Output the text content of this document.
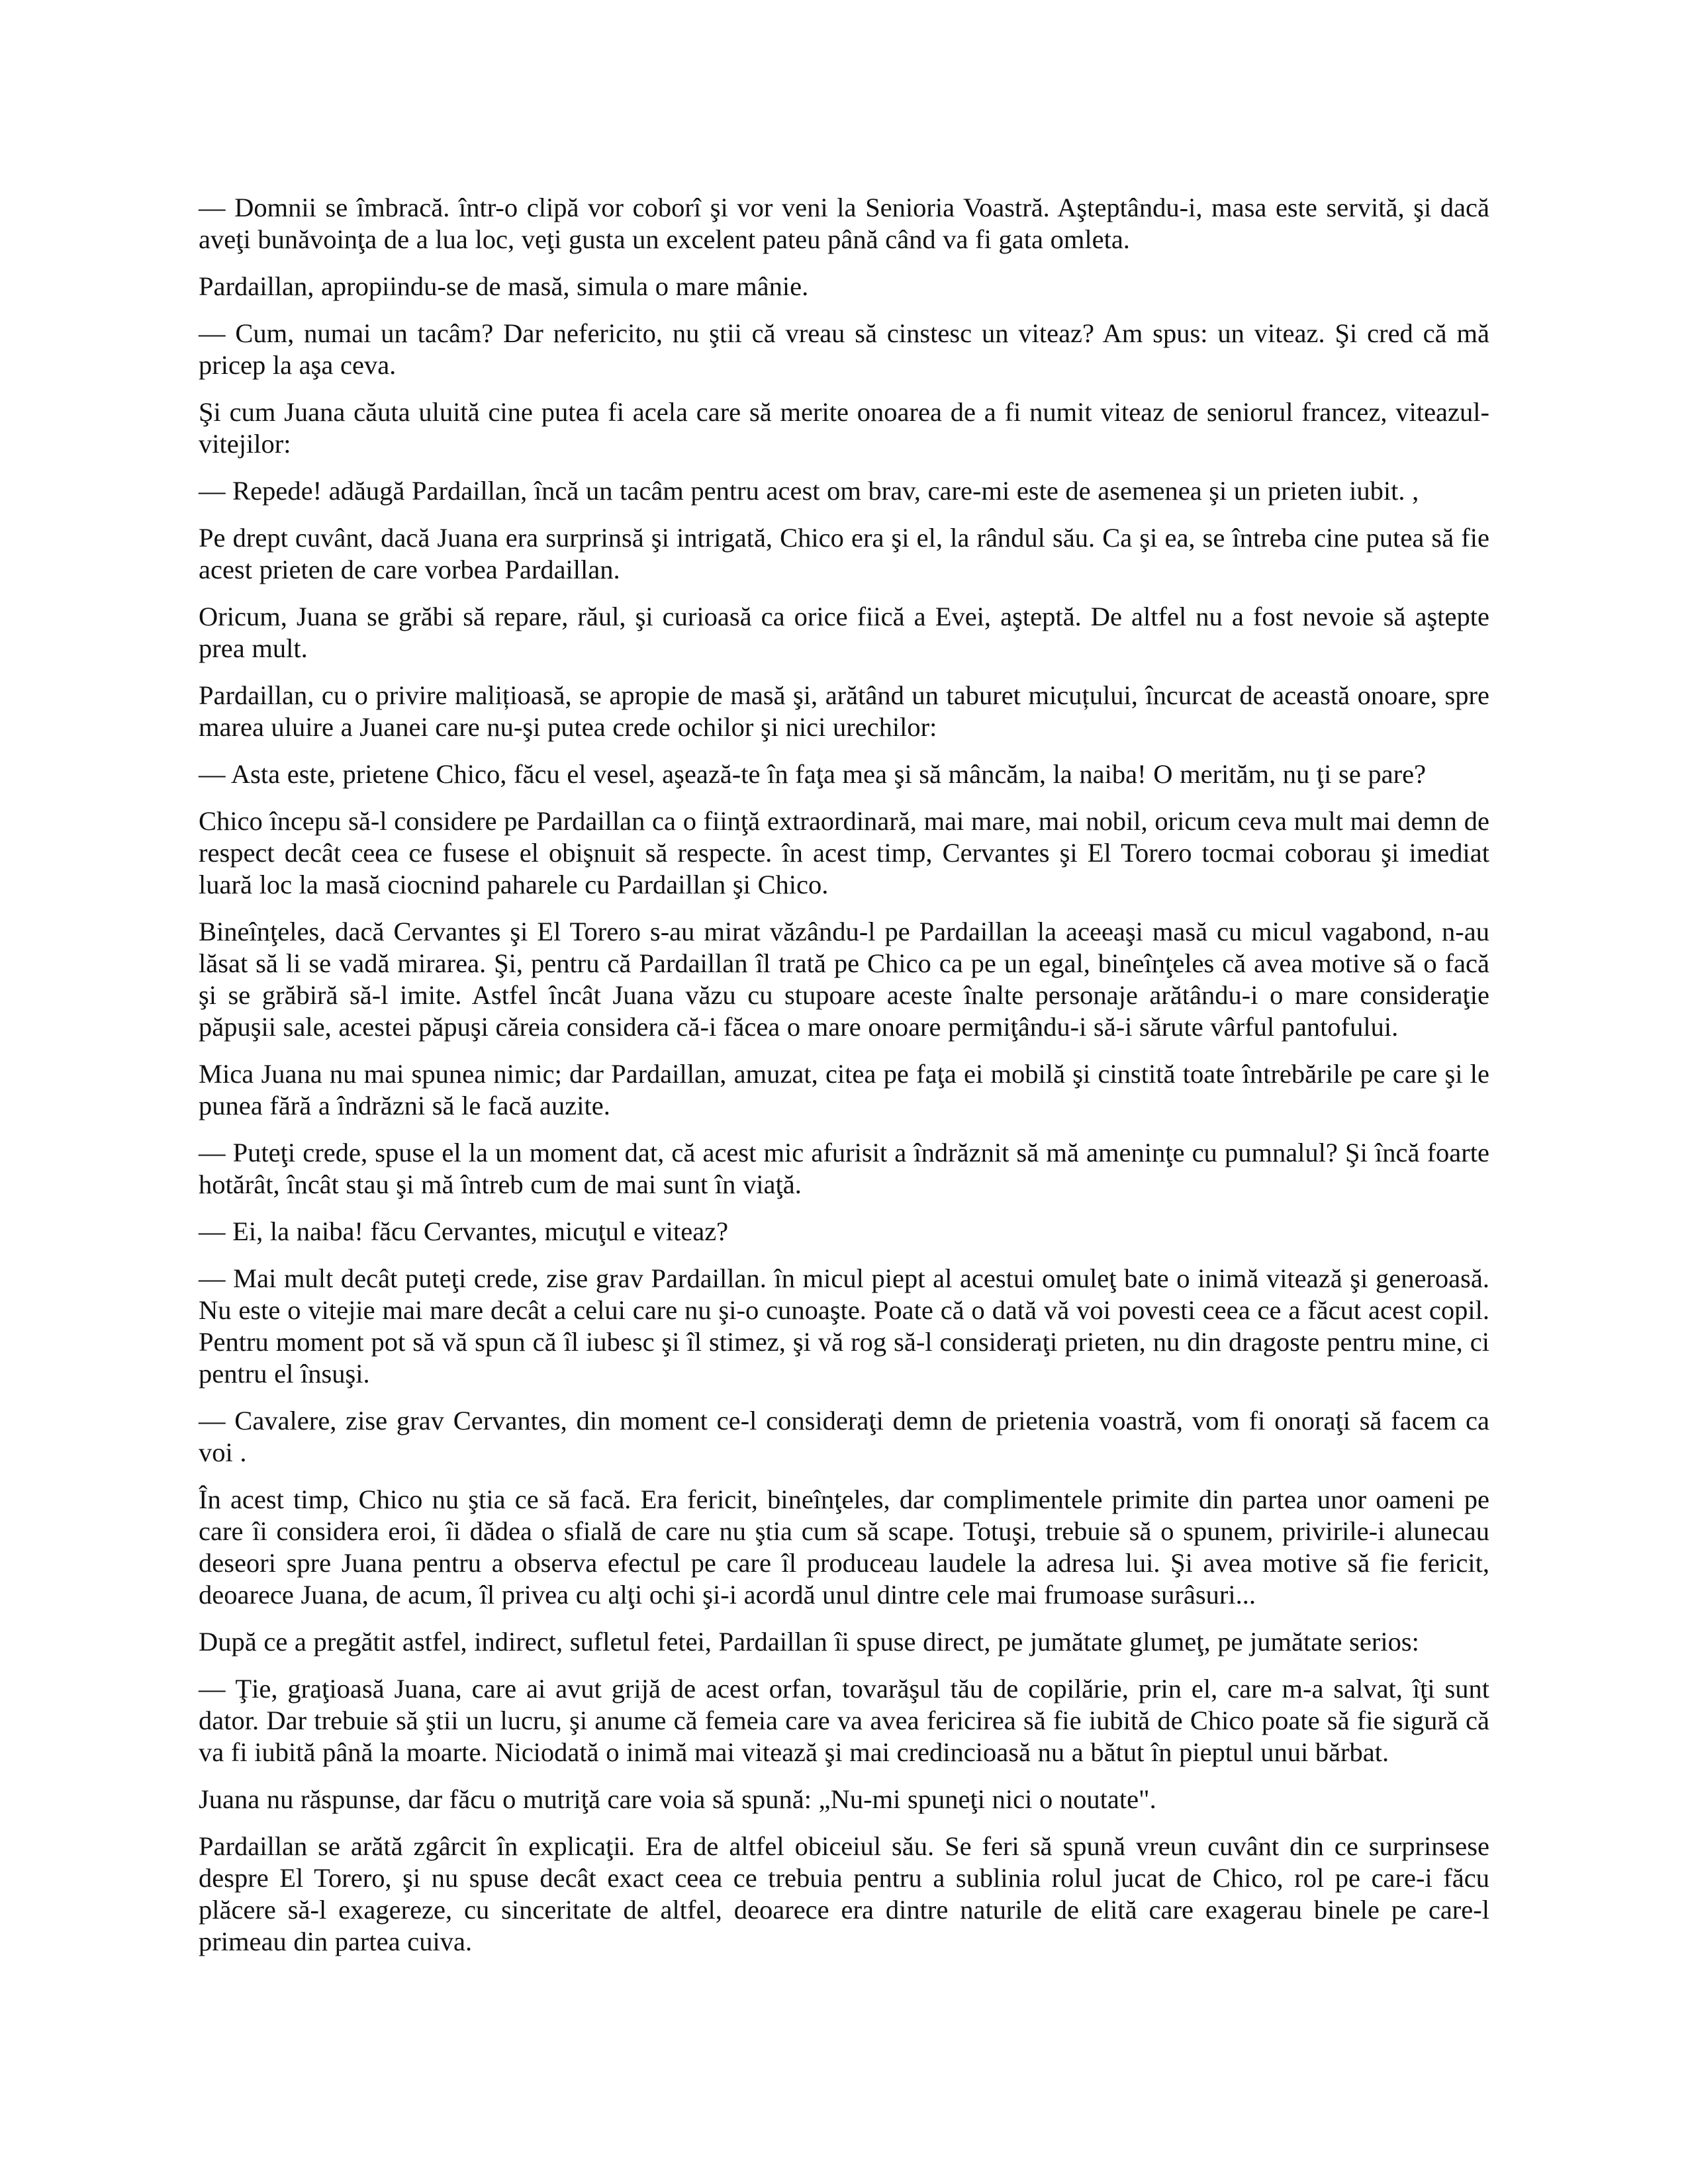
— Domnii se îmbracă. într-o clipă vor coborî şi vor veni la Senioria Voastră. Aşteptându-i, masa este servită, şi dacă aveţi bunăvoinţa de a lua loc, veţi gusta un excelent pateu până când va fi gata omleta.

Pardaillan, apropiindu-se de masă, simula o mare mânie.

— Cum, numai un tacâm? Dar nefericito, nu ştii că vreau să cinstesc un viteaz? Am spus: un viteaz. Şi cred că mă pricep la aşa ceva.

Şi cum Juana căuta uluită cine putea fi acela care să merite onoarea de a fi numit viteaz de seniorul francez, viteazul-vitejilor:

— Repede! adăugă Pardaillan, încă un tacâm pentru acest om brav, care-mi este de asemenea şi un prieten iubit. ,

Pe drept cuvânt, dacă Juana era surprinsă şi intrigată, Chico era şi el, la rândul său. Ca şi ea, se întreba cine putea să fie acest prieten de care vorbea Pardaillan.

Oricum, Juana se grăbi să repare, răul, şi curioasă ca orice fiică a Evei, aşteptă. De altfel nu a fost nevoie să aştepte prea mult.

Pardaillan, cu o privire malițioasă, se apropie de masă şi, arătând un taburet micuțului, încurcat de această onoare, spre marea uluire a Juanei care nu-şi putea crede ochilor şi nici urechilor:

— Asta este, prietene Chico, făcu el vesel, aşează-te în faţa mea şi să mâncăm, la naiba! O merităm, nu ţi se pare?

Chico începu să-l considere pe Pardaillan ca o fiinţă extraordinară, mai mare, mai nobil, oricum ceva mult mai demn de respect decât ceea ce fusese el obişnuit să respecte. în acest timp, Cervantes şi El Torero tocmai coborau şi imediat luară loc la masă ciocnind paharele cu Pardaillan şi Chico.

Bineînţeles, dacă Cervantes şi El Torero s-au mirat văzându-l pe Pardaillan la aceeaşi masă cu micul vagabond, n-au lăsat să li se vadă mirarea. Şi, pentru că Pardaillan îl trată pe Chico ca pe un egal, bineînţeles că avea motive să o facă şi se grăbiră să-l imite. Astfel încât Juana văzu cu stupoare aceste înalte personaje arătându-i o mare consideraţie păpuşii sale, acestei păpuşi căreia considera că-i făcea o mare onoare permiţându-i să-i sărute vârful pantofului.

Mica Juana nu mai spunea nimic; dar Pardaillan, amuzat, citea pe faţa ei mobilă şi cinstită toate întrebările pe care şi le punea fără a îndrăzni să le facă auzite.

— Puteţi crede, spuse el la un moment dat, că acest mic afurisit a îndrăznit să mă ameninţe cu pumnalul? Şi încă foarte hotărât, încât stau şi mă întreb cum de mai sunt în viaţă.

— Ei, la naiba! făcu Cervantes, micuţul e viteaz?

— Mai mult decât puteţi crede, zise grav Pardaillan. în micul piept al acestui omuleţ bate o inimă vitează şi generoasă. Nu este o vitejie mai mare decât a celui care nu şi-o cunoaşte. Poate că o dată vă voi povesti ceea ce a făcut acest copil. Pentru moment pot să vă spun că îl iubesc şi îl stimez, şi vă rog să-l consideraţi prieten, nu din dragoste pentru mine, ci pentru el însuşi.

— Cavalere, zise grav Cervantes, din moment ce-l consideraţi demn de prietenia voastră, vom fi onoraţi să facem ca voi .

În acest timp, Chico nu ştia ce să facă. Era fericit, bineînţeles, dar complimentele primite din partea unor oameni pe care îi considera eroi, îi dădea o sfială de care nu ştia cum să scape. Totuşi, trebuie să o spunem, privirile-i alunecau deseori spre Juana pentru a observa efectul pe care îl produceau laudele la adresa lui. Şi avea motive să fie fericit, deoarece Juana, de acum, îl privea cu alţi ochi şi-i acordă unul dintre cele mai frumoase surâsuri...

După ce a pregătit astfel, indirect, sufletul fetei, Pardaillan îi spuse direct, pe jumătate glumeţ, pe jumătate serios:

— Ţie, graţioasă Juana, care ai avut grijă de acest orfan, tovarăşul tău de copilărie, prin el, care m-a salvat, îţi sunt dator. Dar trebuie să ştii un lucru, şi anume că femeia care va avea fericirea să fie iubită de Chico poate să fie sigură că va fi iubită până la moarte. Niciodată o inimă mai vitează şi mai credincioasă nu a bătut în pieptul unui bărbat.

Juana nu răspunse, dar făcu o mutriţă care voia să spună: „Nu-mi spuneţi nici o noutate".

Pardaillan se arătă zgârcit în explicaţii. Era de altfel obiceiul său. Se feri să spună vreun cuvânt din ce surprinsese despre El Torero, şi nu spuse decât exact ceea ce trebuia pentru a sublinia rolul jucat de Chico, rol pe care-i făcu plăcere să-l exagereze, cu sinceritate de altfel, deoarece era dintre naturile de elită care exagerau binele pe care-l primeau din partea cuiva.
